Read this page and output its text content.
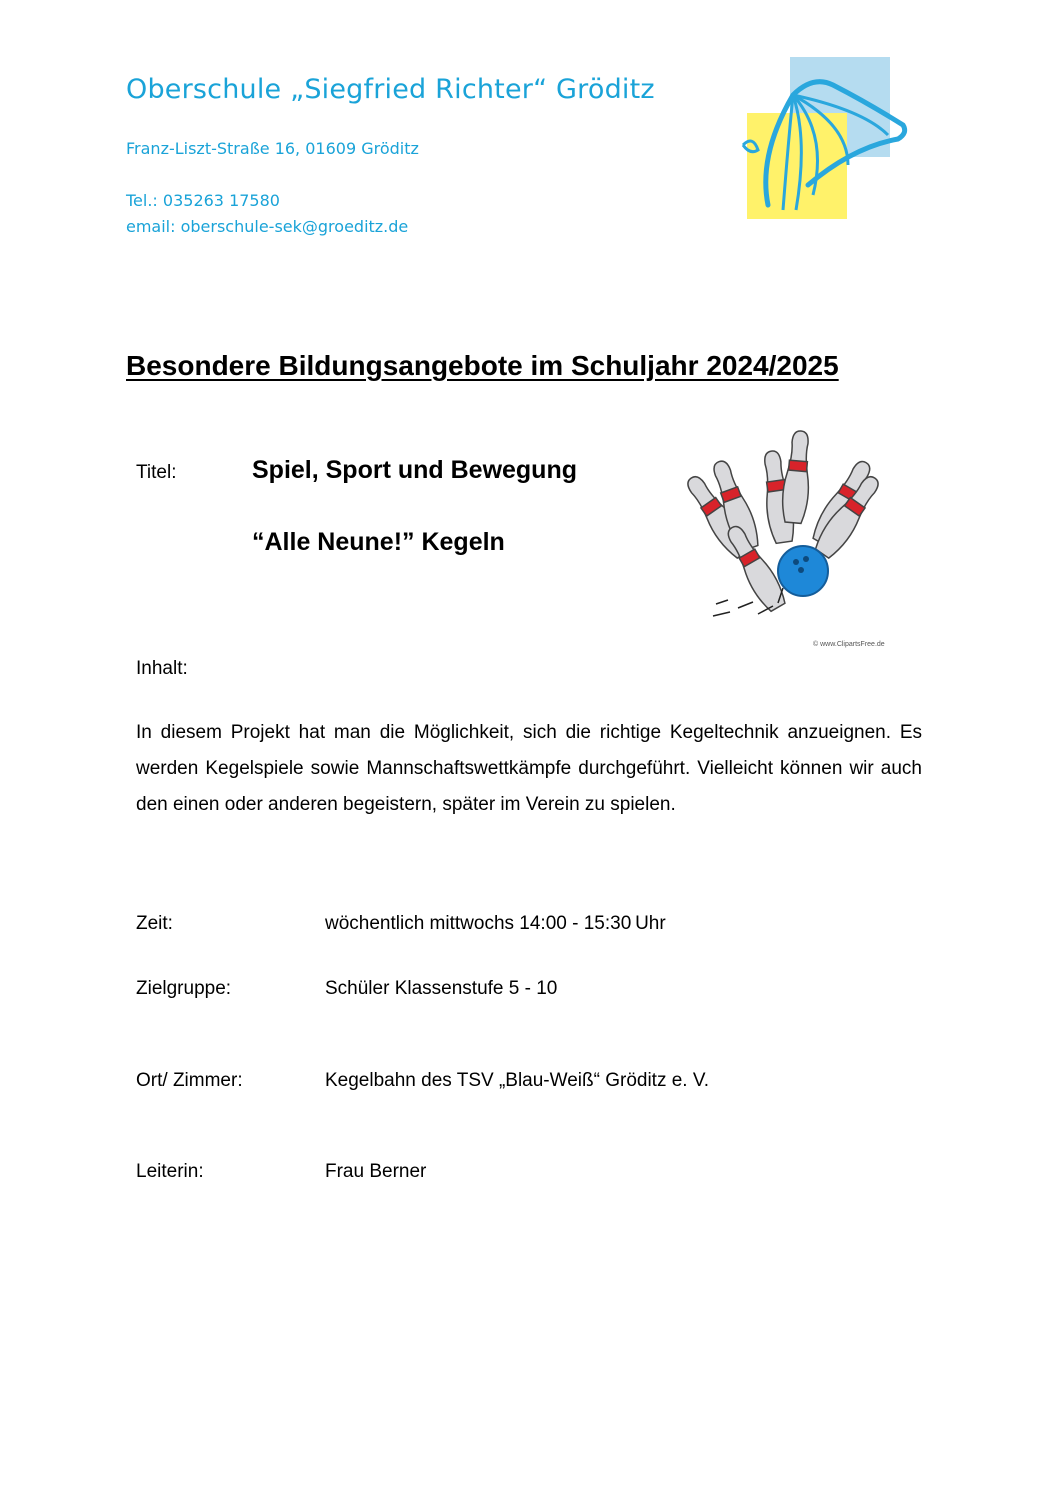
Oberschule „Siegfried Richter“ Gröditz
Franz-Liszt-Straße 16, 01609 Gröditz
Tel.: 035263 17580
email: oberschule-sek@groeditz.de
Besondere Bildungsangebote im Schuljahr 2024/2025
Titel:	Spiel, Sport und Bewegung
“Alle Neune!” Kegeln
© www.ClipartsFree.de
Inhalt:
In diesem Projekt hat man die Möglichkeit, sich die richtige Kegeltechnik anzueignen. Es werden Kegelspiele sowie Mannschaftswettkämpfe durchgeführt. Vielleicht können wir auch den einen oder anderen begeistern, später im Verein zu spielen.
Zeit:	wöchentlich mittwochs 14:00 - 15:30 Uhr
Zielgruppe:	Schüler Klassenstufe 5 - 10
Ort/ Zimmer:	Kegelbahn des TSV „Blau-Weiß“ Gröditz e. V.
Leiterin:	Frau Berner
